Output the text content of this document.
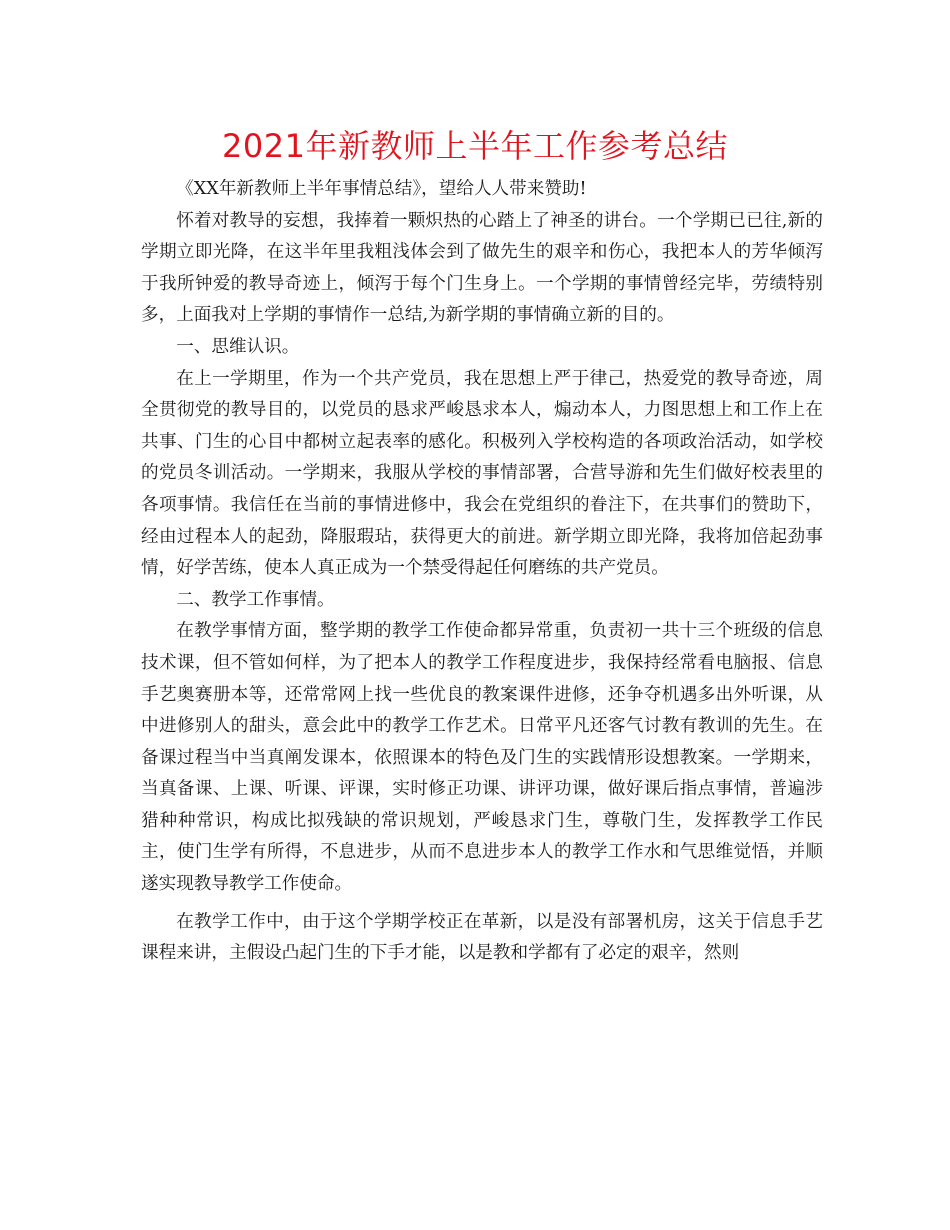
2021年新教师上半年工作参考总结

《XX年新教师上半年事情总结》，望给人人带来赞助!

怀着对教导的妄想，我捧着一颗炽热的心踏上了神圣的讲台。一个学期已已往,新的学期立即光降，在这半年里我粗浅体会到了做先生的艰辛和伤心，我把本人的芳华倾泻于我所钟爱的教导奇迹上，倾泻于每个门生身上。一个学期的事情曾经完毕，劳绩特别多，上面我对上学期的事情作一总结,为新学期的事情确立新的目的。

一、思维认识。

在上一学期里，作为一个共产党员，我在思想上严于律己，热爱党的教导奇迹，周全贯彻党的教导目的，以党员的恳求严峻恳求本人，煽动本人，力图思想上和工作上在共事、门生的心目中都树立起表率的感化。积极列入学校构造的各项政治活动，如学校的党员冬训活动。一学期来，我服从学校的事情部署，合营导游和先生们做好校表里的各项事情。我信任在当前的事情进修中，我会在党组织的眷注下，在共事们的赞助下，经由过程本人的起劲，降服瑕玷，获得更大的前进。新学期立即光降，我将加倍起劲事情，好学苦练，使本人真正成为一个禁受得起任何磨练的共产党员。

二、教学工作事情。

在教学事情方面，整学期的教学工作使命都异常重，负责初一共十三个班级的信息技术课，但不管如何样，为了把本人的教学工作程度进步，我保持经常看电脑报、信息手艺奥赛册本等，还常常网上找一些优良的教案课件进修，还争夺机遇多出外听课，从中进修别人的甜头，意会此中的教学工作艺术。日常平凡还客气讨教有教训的先生。在备课过程当中当真阐发课本，依照课本的特色及门生的实践情形设想教案。一学期来，当真备课、上课、听课、评课，实时修正功课、讲评功课，做好课后指点事情，普遍涉猎种种常识，构成比拟残缺的常识规划，严峻恳求门生，尊敬门生，发挥教学工作民主，使门生学有所得，不息进步，从而不息进步本人的教学工作水和气思维觉悟，并顺遂实现教导教学工作使命。

在教学工作中，由于这个学期学校正在革新，以是没有部署机房，这关于信息手艺课程来讲，主假设凸起门生的下手才能，以是教和学都有了必定的艰辛，然则
